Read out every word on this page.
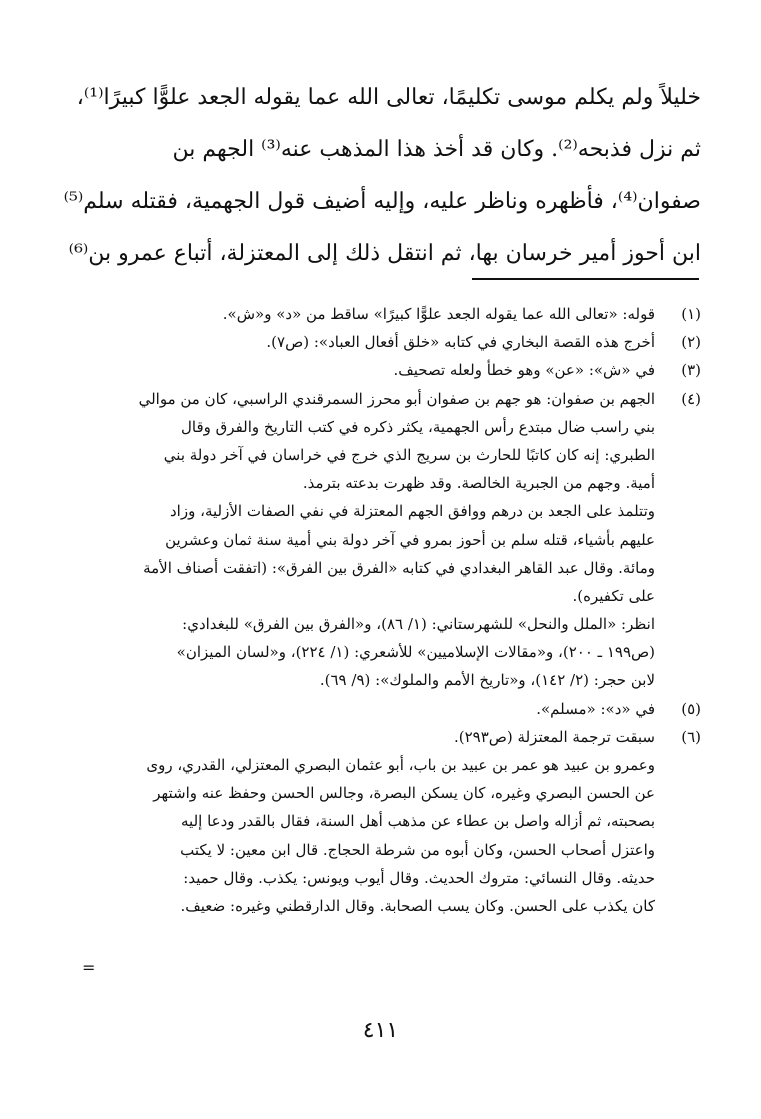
خليلاً ولم يكلم موسى تكليمًا، تعالى الله عما يقوله الجعد علوًّا كبيرًا⁽¹⁾،
ثم نزل فذبحه⁽²⁾. وكان قد أخذ هذا المذهب عنه⁽³⁾ الجهم بن
صفوان⁽⁴⁾، فأظهره وناظر عليه، وإليه أضيف قول الجهمية، فقتله سلم⁽⁵⁾
ابن أحوز أمير خرسان بها، ثم انتقل ذلك إلى المعتزلة، أتباع عمرو بن⁽⁶⁾
(١)
قوله: «تعالى الله عما يقوله الجعد علوًّا كبيرًا» ساقط من «د» و«ش».
(٢)
أخرج هذه القصة البخاري في كتابه «خلق أفعال العباد»: (ص٧).
(٣)
في «ش»: «عن» وهو خطأ ولعله تصحيف.
(٤)
الجهم بن صفوان: هو جهم بن صفوان أبو محرز السمرقندي الراسبي، كان من موالي
بني راسب ضال مبتدع رأس الجهمية، يكثر ذكره في كتب التاريخ والفرق وقال
الطبري: إنه كان كاتبًا للحارث بن سريج الذي خرج في خراسان في آخر دولة بني
أمية. وجهم من الجبرية الخالصة. وقد ظهرت بدعته بترمذ.
وتتلمذ على الجعد بن درهم ووافق الجهم المعتزلة في نفي الصفات الأزلية، وزاد
عليهم بأشياء، قتله سلم بن أحوز بمرو في آخر دولة بني أمية سنة ثمان وعشرين
ومائة. وقال عبد القاهر البغدادي في كتابه «الفرق بين الفرق»: (اتفقت أصناف الأمة
على تكفيره).
انظر: «الملل والنحل» للشهرستاني: (١/ ٨٦)، و«الفرق بين الفرق» للبغدادي:
(ص١٩٩ ـ ٢٠٠)، و«مقالات الإسلاميين» للأشعري: (١/ ٢٢٤)، و«لسان الميزان»
لابن حجر: (٢/ ١٤٢)، و«تاريخ الأمم والملوك»: (٩/ ٦٩).
(٥)
في «د»: «مسلم».
(٦)
سبقت ترجمة المعتزلة (ص٢٩٣).
وعمرو بن عبيد هو عمر بن عبيد بن باب، أبو عثمان البصري المعتزلي، القدري، روى
عن الحسن البصري وغيره، كان يسكن البصرة، وجالس الحسن وحفظ عنه واشتهر
بصحبته، ثم أزاله واصل بن عطاء عن مذهب أهل السنة، فقال بالقدر ودعا إليه
واعتزل أصحاب الحسن، وكان أبوه من شرطة الحجاج. قال ابن معين: لا يكتب
حديثه. وقال النسائي: متروك الحديث. وقال أيوب ويونس: يكذب. وقال حميد:
كان يكذب على الحسن. وكان يسب الصحابة. وقال الدارقطني وغيره: ضعيف.
=
٤١١
